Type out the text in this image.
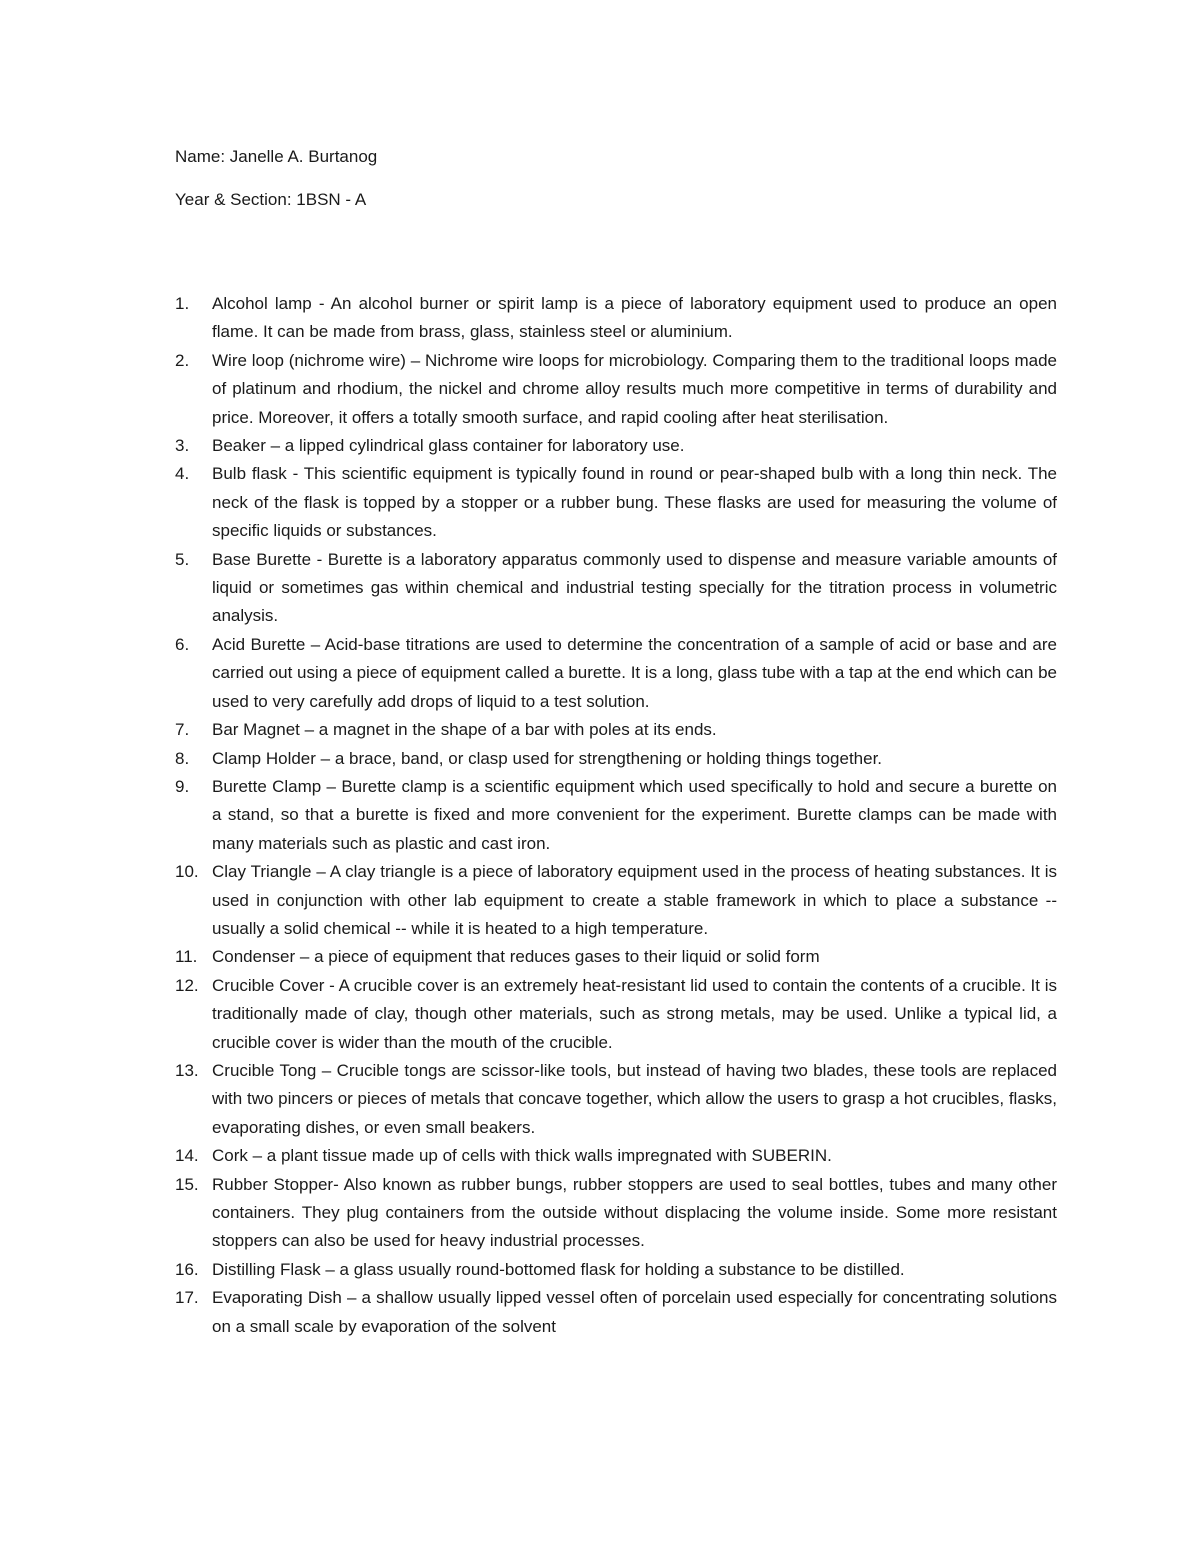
Name: Janelle A. Burtanog
Year & Section: 1BSN - A
1. Alcohol lamp - An alcohol burner or spirit lamp is a piece of laboratory equipment used to produce an open flame. It can be made from brass, glass, stainless steel or aluminium.
2. Wire loop (nichrome wire) – Nichrome wire loops for microbiology. Comparing them to the traditional loops made of platinum and rhodium, the nickel and chrome alloy results much more competitive in terms of durability and price. Moreover, it offers a totally smooth surface, and rapid cooling after heat sterilisation.
3. Beaker – a lipped cylindrical glass container for laboratory use.
4. Bulb flask - This scientific equipment is typically found in round or pear-shaped bulb with a long thin neck. The neck of the flask is topped by a stopper or a rubber bung. These flasks are used for measuring the volume of specific liquids or substances.
5. Base Burette - Burette is a laboratory apparatus commonly used to dispense and measure variable amounts of liquid or sometimes gas within chemical and industrial testing specially for the titration process in volumetric analysis.
6. Acid Burette – Acid-base titrations are used to determine the concentration of a sample of acid or base and are carried out using a piece of equipment called a burette. It is a long, glass tube with a tap at the end which can be used to very carefully add drops of liquid to a test solution.
7. Bar Magnet – a magnet in the shape of a bar with poles at its ends.
8. Clamp Holder – a brace, band, or clasp used for strengthening or holding things together.
9. Burette Clamp – Burette clamp is a scientific equipment which used specifically to hold and secure a burette on a stand, so that a burette is fixed and more convenient for the experiment. Burette clamps can be made with many materials such as plastic and cast iron.
10. Clay Triangle – A clay triangle is a piece of laboratory equipment used in the process of heating substances. It is used in conjunction with other lab equipment to create a stable framework in which to place a substance -- usually a solid chemical -- while it is heated to a high temperature.
11. Condenser – a piece of equipment that reduces gases to their liquid or solid form
12. Crucible Cover - A crucible cover is an extremely heat-resistant lid used to contain the contents of a crucible. It is traditionally made of clay, though other materials, such as strong metals, may be used. Unlike a typical lid, a crucible cover is wider than the mouth of the crucible.
13. Crucible Tong – Crucible tongs are scissor-like tools, but instead of having two blades, these tools are replaced with two pincers or pieces of metals that concave together, which allow the users to grasp a hot crucibles, flasks, evaporating dishes, or even small beakers.
14. Cork – a plant tissue made up of cells with thick walls impregnated with SUBERIN.
15. Rubber Stopper- Also known as rubber bungs, rubber stoppers are used to seal bottles, tubes and many other containers. They plug containers from the outside without displacing the volume inside. Some more resistant stoppers can also be used for heavy industrial processes.
16. Distilling Flask – a glass usually round-bottomed flask for holding a substance to be distilled.
17. Evaporating Dish – a shallow usually lipped vessel often of porcelain used especially for concentrating solutions on a small scale by evaporation of the solvent
